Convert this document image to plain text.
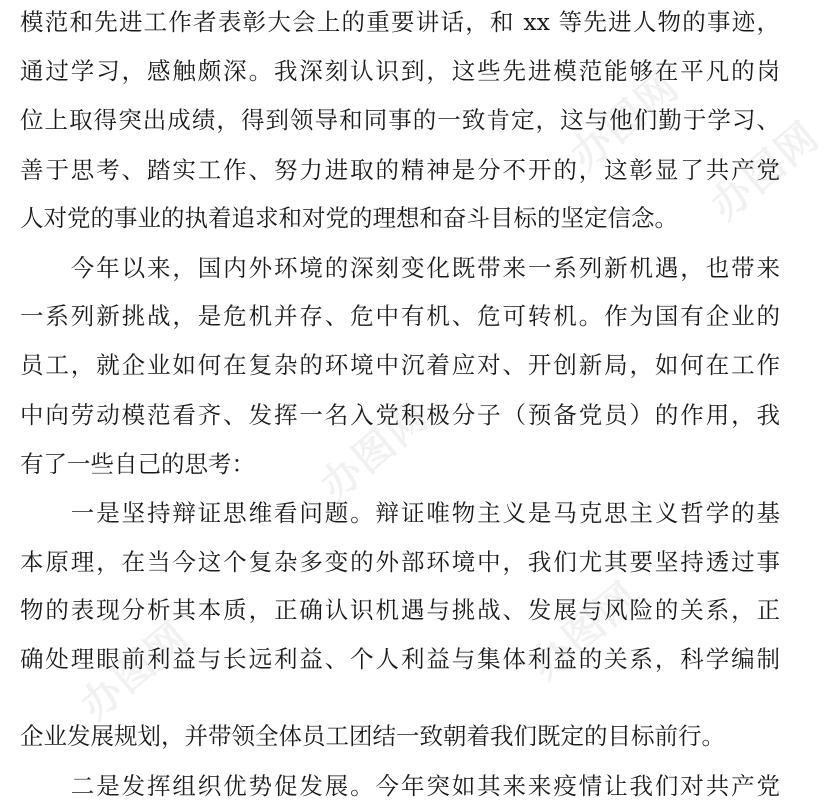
办图网 办图网
办图网
办图网
办图网
模范和先进工作者表彰大会上的重要讲话，和 xx 等先进人物的事迹，
通过学习，感触颇深。我深刻认识到，这些先进模范能够在平凡的岗
位上取得突出成绩，得到领导和同事的一致肯定，这与他们勤于学习、
善于思考、踏实工作、努力进取的精神是分不开的，这彰显了共产党
人对党的事业的执着追求和对党的理想和奋斗目标的坚定信念。
　　今年以来，国内外环境的深刻变化既带来一系列新机遇，也带来
一系列新挑战，是危机并存、危中有机、危可转机。作为国有企业的
员工，就企业如何在复杂的环境中沉着应对、开创新局，如何在工作
中向劳动模范看齐、发挥一名入党积极分子（预备党员）的作用，我
有了一些自己的思考：
　　一是坚持辩证思维看问题。辩证唯物主义是马克思主义哲学的基
本原理，在当今这个复杂多变的外部环境中，我们尤其要坚持透过事
物的表现分析其本质，正确认识机遇与挑战、发展与风险的关系，正
确处理眼前利益与长远利益、个人利益与集体利益的关系，科学编制
企业发展规划，并带领全体员工团结一致朝着我们既定的目标前行。
　　二是发挥组织优势促发展。今年突如其来来疫情让我们对共产党
